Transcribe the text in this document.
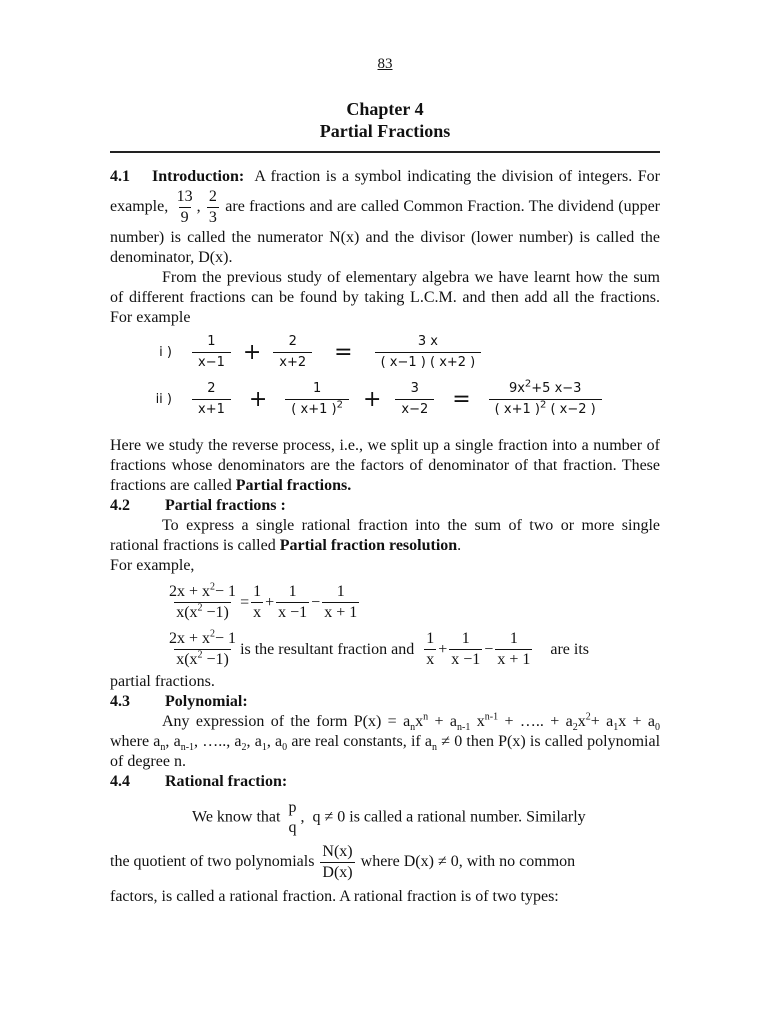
83
Chapter 4
Partial Fractions

4.1 Introduction: A fraction is a symbol indicating the division of integers. For example, $\frac{13}{9}$ , $\frac{2}{3}$ are fractions and are called Common Fraction. The dividend (upper number) is called the numerator N(x) and the divisor (lower number) is called the denominator, D(x).

From the previous study of elementary algebra we have learnt how the sum of different fractions can be found by taking L.C.M. and then add all the fractions. For example

i )	$\frac{1}{x-1} + \frac{2}{x+2} = \frac{3 x}{( x-1 ) ( x+2 )}$
ii )	$\frac{2}{x+1} + \frac{1}{( x+1 )^2} + \frac{3}{x-2} = \frac{9x^2+5 x-3}{( x+1 )^2 ( x-2 )}$

Here we study the reverse process, i.e., we split up a single fraction into a number of fractions whose denominators are the factors of denominator of that fraction. These fractions are called Partial fractions.

4.2 Partial fractions :

To express a single rational fraction into the sum of two or more single rational fractions is called Partial fraction resolution.

For example,

$\frac{2x + x^2- 1}{x(x^2 -1)} = \frac{1}{x} + \frac{1}{x -1} - \frac{1}{x + 1}$
$\frac{2x + x^2- 1}{x(x^2 -1)}$ is the resultant fraction and $\frac{1}{x} + \frac{1}{x -1} - \frac{1}{x + 1}$ are its

partial fractions.

4.3 Polynomial:

Any expression of the form $P(x) = a_nx^n + a_{n-1}$ $x^{n-1}$ + ….. + $a_2x^2+ a_1x + a_0$ where $a_n$, $a_{n-1}$, ….., $a_2$, $a_1$, $a_0$ are real constants, if $a_n \ne 0$ then P(x) is called polynomial of degree n.

4.4 Rational fraction:

We know that
p
q
,  q ≠ 0 is called a rational number. Similarly

the quotient of two polynomials $\frac{N(x)}{D(x)}$ where D(x) ≠ 0, with no common

factors, is called a rational fraction. A rational fraction is of two types:
